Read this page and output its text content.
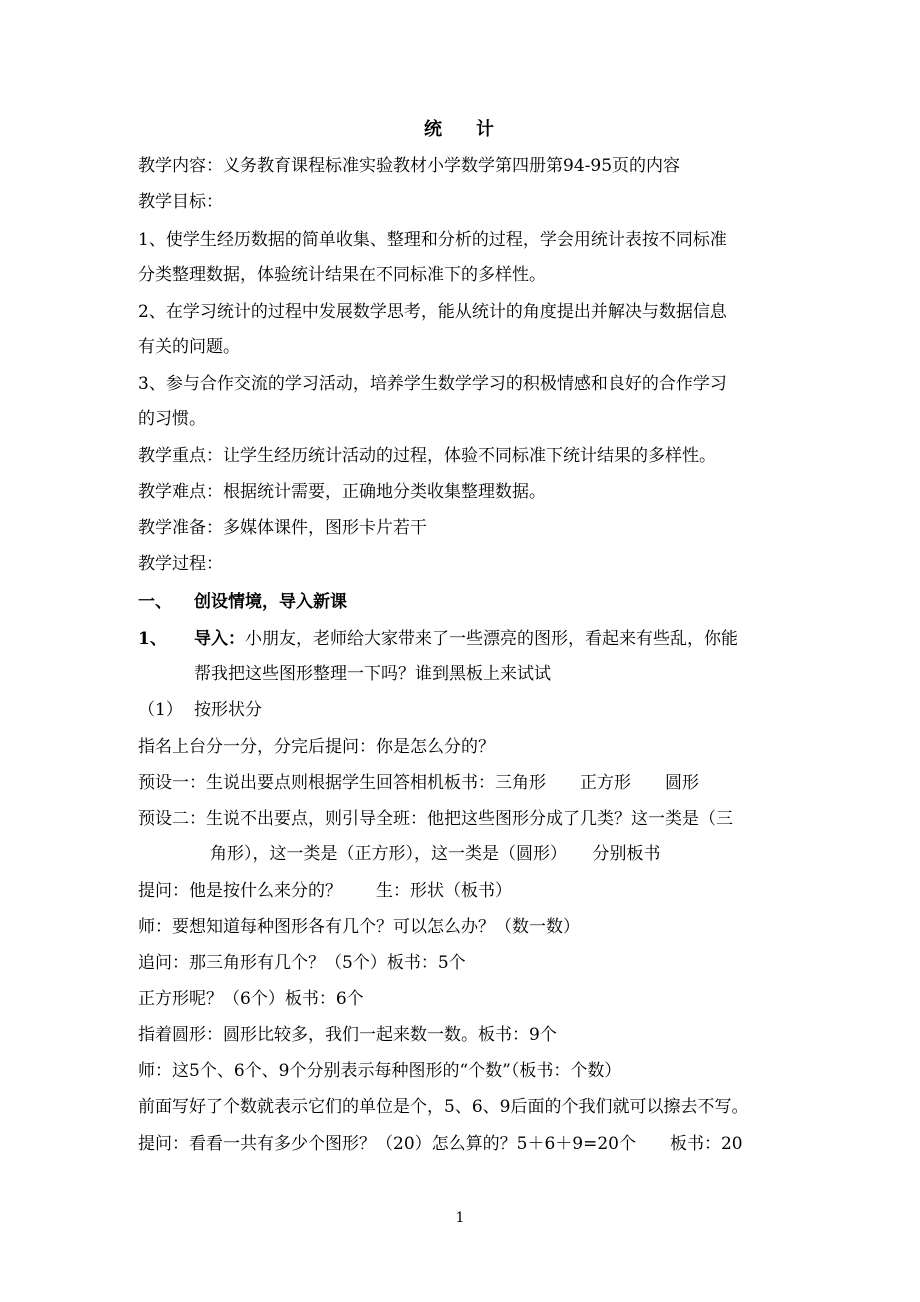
统 计
教学内容：义务教育课程标准实验教材小学数学第四册第94-95页的内容
教学目标：
1、使学生经历数据的简单收集、整理和分析的过程，学会用统计表按不同标准
分类整理数据，体验统计结果在不同标准下的多样性。
2、在学习统计的过程中发展数学思考，能从统计的角度提出并解决与数据信息
有关的问题。
3、参与合作交流的学习活动，培养学生数学学习的积极情感和良好的合作学习
的习惯。
教学重点：让学生经历统计活动的过程，体验不同标准下统计结果的多样性。
教学难点：根据统计需要，正确地分类收集整理数据。
教学准备：多媒体课件，图形卡片若干
教学过程：
一、 创设情境，导入新课
1、 导入：小朋友，老师给大家带来了一些漂亮的图形，看起来有些乱，你能
帮我把这些图形整理一下吗？谁到黑板上来试试
（1） 按形状分
指名上台分一分，分完后提问：你是怎么分的？
预设一：生说出要点则根据学生回答相机板书：三角形　　正方形　　圆形
预设二：生说不出要点，则引导全班：他把这些图形分成了几类？这一类是（三
角形），这一类是（正方形），这一类是（圆形）　　分别板书
提问：他是按什么来分的？　　生：形状（板书）
师：要想知道每种图形各有几个？可以怎么办？（数一数）
追问：那三角形有几个？（5个）板书：5个
正方形呢？（6个）板书：6个
指着圆形：圆形比较多，我们一起来数一数。板书：9个
师：这5个、6个、9个分别表示每种图形的“个数”（板书：个数）
前面写好了个数就表示它们的单位是个，5、6、9后面的个我们就可以擦去不写。
提问：看看一共有多少个图形？（20）怎么算的？5＋6＋9=20个　　板书：20
1
